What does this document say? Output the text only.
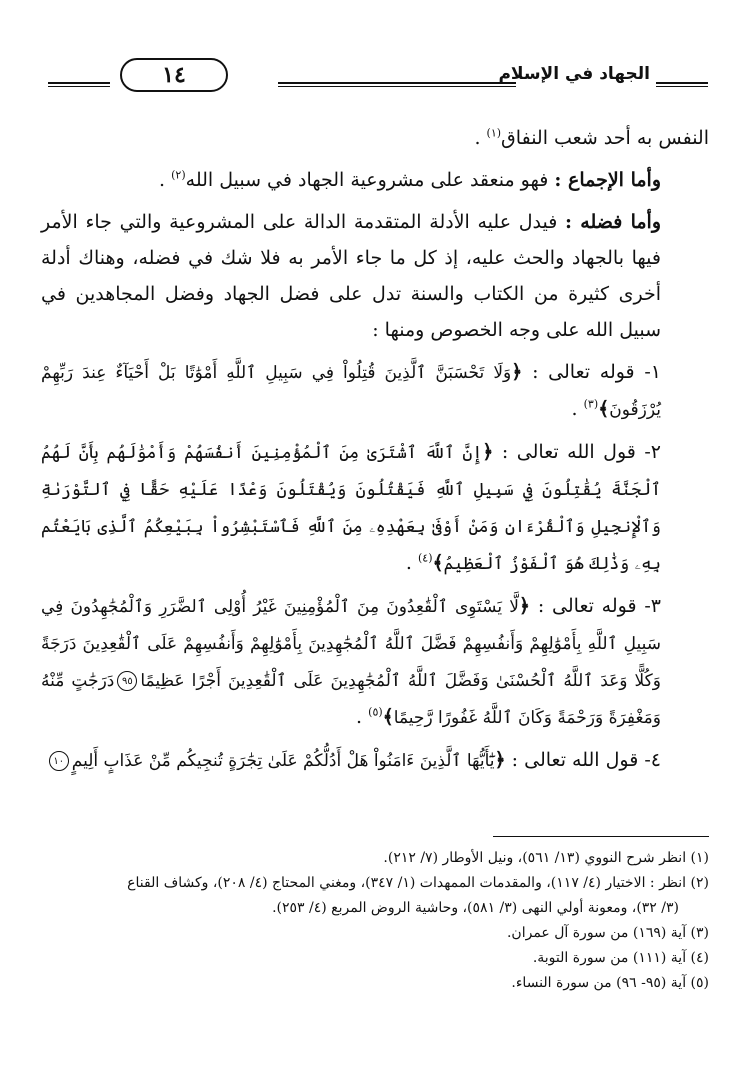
الجهاد في الإسلام
١٤

النفس به أحد شعب النفاق$^{(١)}$ .

وأما الإجماع : فهو منعقد على مشروعية الجهاد في سبيل الله$^{(٢)}$ .

وأما فضله : فيدل عليه الأدلة المتقدمة الدالة على المشروعية والتي جاء الأمر فيها بالجهاد والحث عليه، إذ كل ما جاء الأمر به فلا شك في فضله، وهناك أدلة أخرى كثيرة من الكتاب والسنة تدل على فضل الجهاد وفضل المجاهدين في سبيل الله على وجه الخصوص ومنها :

١- قوله تعالى : ﴿وَلَا تَحْسَبَنَّ ٱلَّذِينَ قُتِلُواْ فِي سَبِيلِ ٱللَّهِ أَمْوَٰتًا بَلْ أَحْيَآءٌ عِندَ رَبِّهِمْ يُرْزَقُونَ﴾$^{(٣)}$ .

٢- قول الله تعالى : ﴿إِنَّ ٱللَّهَ ٱشْتَرَىٰ مِنَ ٱلْمُؤْمِنِينَ أَنفُسَهُمْ وَأَمْوَٰلَهُم بِأَنَّ لَهُمُ ٱلْجَنَّةَ يُقَٰتِلُونَ فِي سَبِيلِ ٱللَّهِ فَيَقْتُلُونَ وَيُقْتَلُونَ وَعْدًا عَلَيْهِ حَقًّا فِي ٱلتَّوْرَىٰةِ وَٱلْإِنجِيلِ وَٱلْقُرْءَانِ وَمَنْ أَوْفَىٰ بِعَهْدِهِۦ مِنَ ٱللَّهِ فَٱسْتَبْشِرُواْ بِبَيْعِكُمُ ٱلَّذِى بَايَعْتُم بِهِۦ وَذَٰلِكَ هُوَ ٱلْفَوْزُ ٱلْعَظِيمُ﴾$^{(٤)}$ .

٣- قوله تعالى : ﴿لَّا يَسْتَوِى ٱلْقَٰعِدُونَ مِنَ ٱلْمُؤْمِنِينَ غَيْرُ أُوْلِى ٱلضَّرَرِ وَٱلْمُجَٰهِدُونَ فِي سَبِيلِ ٱللَّهِ بِأَمْوَٰلِهِمْ وَأَنفُسِهِمْ فَضَّلَ ٱللَّهُ ٱلْمُجَٰهِدِينَ بِأَمْوَٰلِهِمْ وَأَنفُسِهِمْ عَلَى ٱلْقَٰعِدِينَ دَرَجَةً وَكُلًّا وَعَدَ ٱللَّهُ ٱلْحُسْنَىٰ وَفَضَّلَ ٱللَّهُ ٱلْمُجَٰهِدِينَ عَلَى ٱلْقَٰعِدِينَ أَجْرًا عَظِيمًا٩٥دَرَجَٰتٍ مِّنْهُ وَمَغْفِرَةً وَرَحْمَةً وَكَانَ ٱللَّهُ غَفُورًا رَّحِيمًا﴾$^{(٥)}$ .

٤- قول الله تعالى : ﴿يَٰٓأَيُّهَا ٱلَّذِينَ ءَامَنُواْ هَلْ أَدُلُّكُمْ عَلَىٰ تِجَٰرَةٍ تُنجِيكُم مِّنْ عَذَابٍ أَلِيمٍ١٠

(١) انظر شرح النووي (١٣/ ٥٦١)، ونيل الأوطار (٧/ ٢١٢).

(٢) انظر : الاختيار (٤/ ١١٧)، والمقدمات الممهدات (١/ ٣٤٧)، ومغني المحتاج (٤/ ٢٠٨)، وكشاف القناع

(٣/ ٣٢)، ومعونة أولي النهى (٣/ ٥٨١)، وحاشية الروض المربع (٤/ ٢٥٣).

(٣) آية (١٦٩) من سورة آل عمران.

(٤) آية (١١١) من سورة التوبة.

(٥) آية (٩٥- ٩٦) من سورة النساء.
